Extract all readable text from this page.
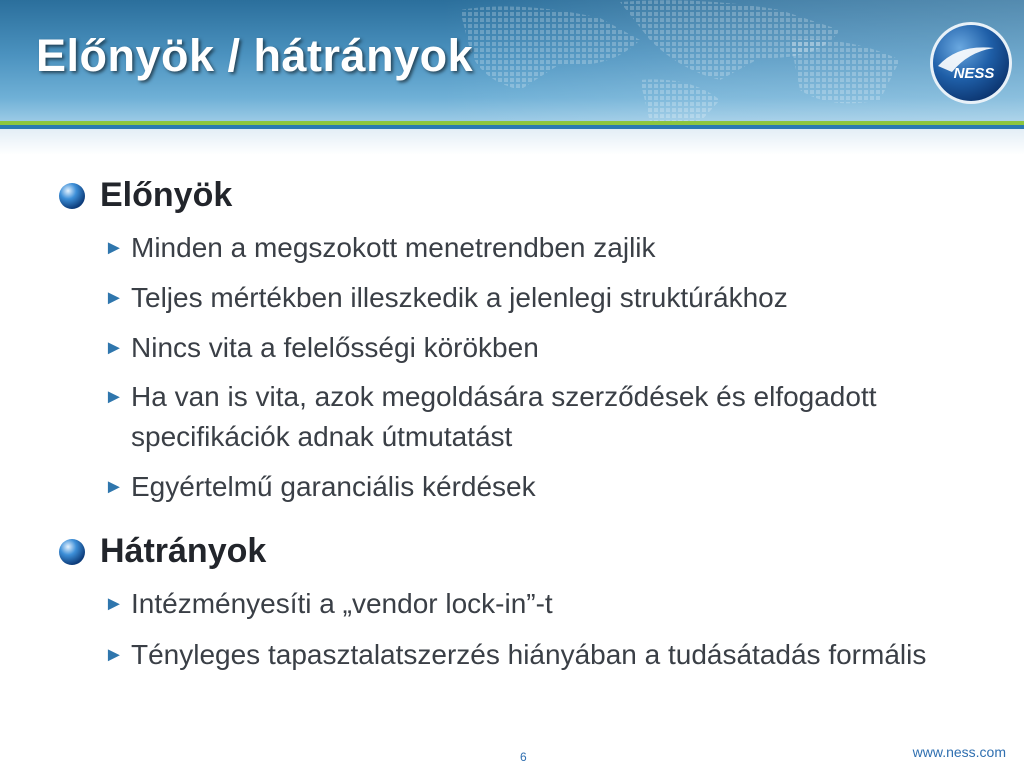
Előnyök / hátrányok	NESS
Előnyök
► Minden a megszokott menetrendben zajlik
► Teljes mértékben illeszkedik a jelenlegi struktúrákhoz
► Nincs vita a felelősségi körökben
► Ha van is vita, azok megoldására szerződések és elfogadott specifikációk adnak útmutatást
► Egyértelmű garanciális kérdések
Hátrányok
► Intézményesíti a „vendor lock-in”-t
► Tényleges tapasztalatszerzés hiányában a tudásátadás formális
6	www.ness.com
